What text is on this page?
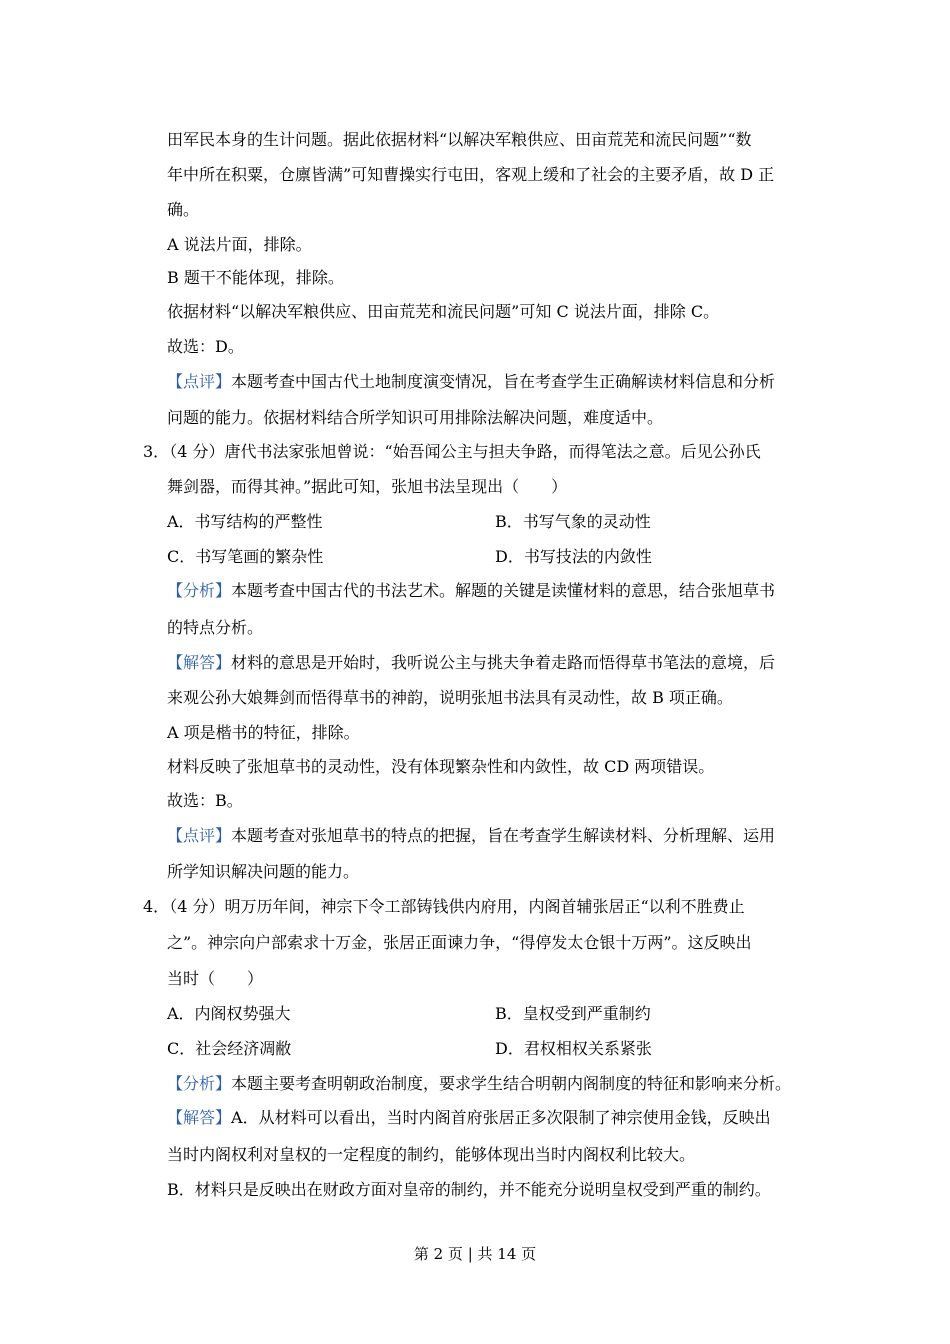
田军民本身的生计问题。据此依据材料“以解决军粮供应、田亩荒芜和流民问题”“数
年中所在积粟，仓廪皆满”可知曹操实行屯田，客观上缓和了社会的主要矛盾，故 D 正
确。
A 说法片面，排除。
B 题干不能体现，排除。
依据材料“以解决军粮供应、田亩荒芜和流民问题”可知 C 说法片面，排除 C。
故选：D。
【点评】本题考查中国古代土地制度演变情况，旨在考查学生正确解读材料信息和分析
问题的能力。依据材料结合所学知识可用排除法解决问题，难度适中。
3．（4 分）唐代书法家张旭曾说：“始吾闻公主与担夫争路，而得笔法之意。后见公孙氏
舞剑器，而得其神。”据此可知，张旭书法呈现出（　　）
A．书写结构的严整性	B．书写气象的灵动性
C．书写笔画的繁杂性	D．书写技法的内敛性
【分析】本题考查中国古代的书法艺术。解题的关键是读懂材料的意思，结合张旭草书
的特点分析。
【解答】材料的意思是开始时，我听说公主与挑夫争着走路而悟得草书笔法的意境，后
来观公孙大娘舞剑而悟得草书的神韵，说明张旭书法具有灵动性，故 B 项正确。
A 项是楷书的特征，排除。
材料反映了张旭草书的灵动性，没有体现繁杂性和内敛性，故 CD 两项错误。
故选：B。
【点评】本题考查对张旭草书的特点的把握，旨在考查学生解读材料、分析理解、运用
所学知识解决问题的能力。
4．（4 分）明万历年间，神宗下令工部铸钱供内府用，内阁首辅张居正“以利不胜费止
之”。神宗向户部索求十万金，张居正面谏力争，“得停发太仓银十万两”。这反映出
当时（　　）
A．内阁权势强大	B．皇权受到严重制约
C．社会经济凋敝	D．君权相权关系紧张
【分析】本题主要考查明朝政治制度，要求学生结合明朝内阁制度的特征和影响来分析。
【解答】A．从材料可以看出，当时内阁首府张居正多次限制了神宗使用金钱，反映出
当时内阁权利对皇权的一定程度的制约，能够体现出当时内阁权利比较大。
B．材料只是反映出在财政方面对皇帝的制约，并不能充分说明皇权受到严重的制约。
第 2 页 | 共 14 页
